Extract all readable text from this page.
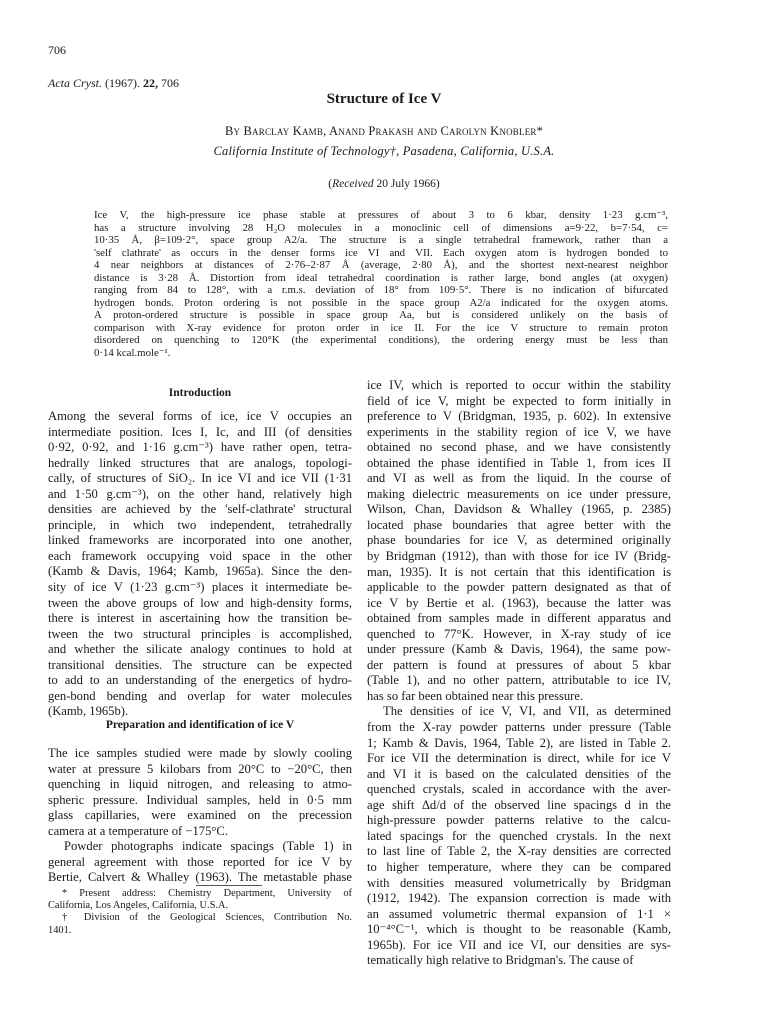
706
Acta Cryst. (1967). 22, 706
Structure of Ice V
By Barclay Kamb, Anand Prakash and Carolyn Knobler*
California Institute of Technology†, Pasadena, California, U.S.A.
(Received 20 July 1966)
Ice V, the high-pressure ice phase stable at pressures of about 3 to 6 kbar, density 1·23 g.cm⁻³,
has a structure involving 28 H₂O molecules in a monoclinic cell of dimensions a=9·22, b=7·54, c=
10·35 Å, β=109·2°, space group A2/a. The structure is a single tetrahedral framework, rather than a
'self clathrate' as occurs in the denser forms ice VI and VII. Each oxygen atom is hydrogen bonded to
4 near neighbors at distances of 2·76–2·87 Å (average, 2·80 Å), and the shortest next-nearest neighbor
distance is 3·28 Å. Distortion from ideal tetrahedral coordination is rather large, bond angles (at oxygen)
ranging from 84 to 128°, with a r.m.s. deviation of 18° from 109·5°. There is no indication of bifurcated
hydrogen bonds. Proton ordering is not possible in the space group A2/a indicated for the oxygen atoms.
A proton-ordered structure is possible in space group Aa, but is considered unlikely on the basis of
comparison with X-ray evidence for proton order in ice II. For the ice V structure to remain proton
disordered on quenching to 120°K (the experimental conditions), the ordering energy must be less than
0·14 kcal.mole⁻¹.
Introduction
Among the several forms of ice, ice V occupies an
intermediate position. Ices I, Ic, and III (of densities
0·92, 0·92, and 1·16 g.cm⁻³) have rather open, tetra-
hedrally linked structures that are analogs, topologi-
cally, of structures of SiO₂. In ice VI and ice VII (1·31
and 1·50 g.cm⁻³), on the other hand, relatively high
densities are achieved by the 'self-clathrate' structural
principle, in which two independent, tetrahedrally
linked frameworks are incorporated into one another,
each framework occupying void space in the other
(Kamb & Davis, 1964; Kamb, 1965a). Since the den-
sity of ice V (1·23 g.cm⁻³) places it intermediate be-
tween the above groups of low and high-density forms,
there is interest in ascertaining how the transition be-
tween the two structural principles is accomplished,
and whether the silicate analogy continues to hold at
transitional densities. The structure can be expected
to add to an understanding of the energetics of hydro-
gen-bond bending and overlap for water molecules
(Kamb, 1965b).
Preparation and identification of ice V
The ice samples studied were made by slowly cooling
water at pressure 5 kilobars from 20°C to −20°C, then
quenching in liquid nitrogen, and releasing to atmo-
spheric pressure. Individual samples, held in 0·5 mm
glass capillaries, were examined on the precession
camera at a temperature of −175°C.
Powder photographs indicate spacings (Table 1) in
general agreement with those reported for ice V by
Bertie, Calvert & Whalley (1963). The metastable phase
* Present address: Chemistry Department, University of
California, Los Angeles, California, U.S.A.
† Division of the Geological Sciences, Contribution No.
1401.
ice IV, which is reported to occur within the stability
field of ice V, might be expected to form initially in
preference to V (Bridgman, 1935, p. 602). In extensive
experiments in the stability region of ice V, we have
obtained no second phase, and we have consistently
obtained the phase identified in Table 1, from ices II
and VI as well as from the liquid. In the course of
making dielectric measurements on ice under pressure,
Wilson, Chan, Davidson & Whalley (1965, p. 2385)
located phase boundaries that agree better with the
phase boundaries for ice V, as determined originally
by Bridgman (1912), than with those for ice IV (Bridg-
man, 1935). It is not certain that this identification is
applicable to the powder pattern designated as that of
ice V by Bertie et al. (1963), because the latter was
obtained from samples made in different apparatus and
quenched to 77°K. However, in X-ray study of ice
under pressure (Kamb & Davis, 1964), the same pow-
der pattern is found at pressures of about 5 kbar
(Table 1), and no other pattern, attributable to ice IV,
has so far been obtained near this pressure.
The densities of ice V, VI, and VII, as determined
from the X-ray powder patterns under pressure (Table
1; Kamb & Davis, 1964, Table 2), are listed in Table 2.
For ice VII the determination is direct, while for ice V
and VI it is based on the calculated densities of the
quenched crystals, scaled in accordance with the aver-
age shift Δd/d of the observed line spacings d in the
high-pressure powder patterns relative to the calcu-
lated spacings for the quenched crystals. In the next
to last line of Table 2, the X-ray densities are corrected
to higher temperature, where they can be compared
with densities measured volumetrically by Bridgman
(1912, 1942). The expansion correction is made with
an assumed volumetric thermal expansion of 1·1 ×
10⁻⁴°C⁻¹, which is thought to be reasonable (Kamb,
1965b). For ice VII and ice VI, our densities are sys-
tematically high relative to Bridgman's. The cause of
